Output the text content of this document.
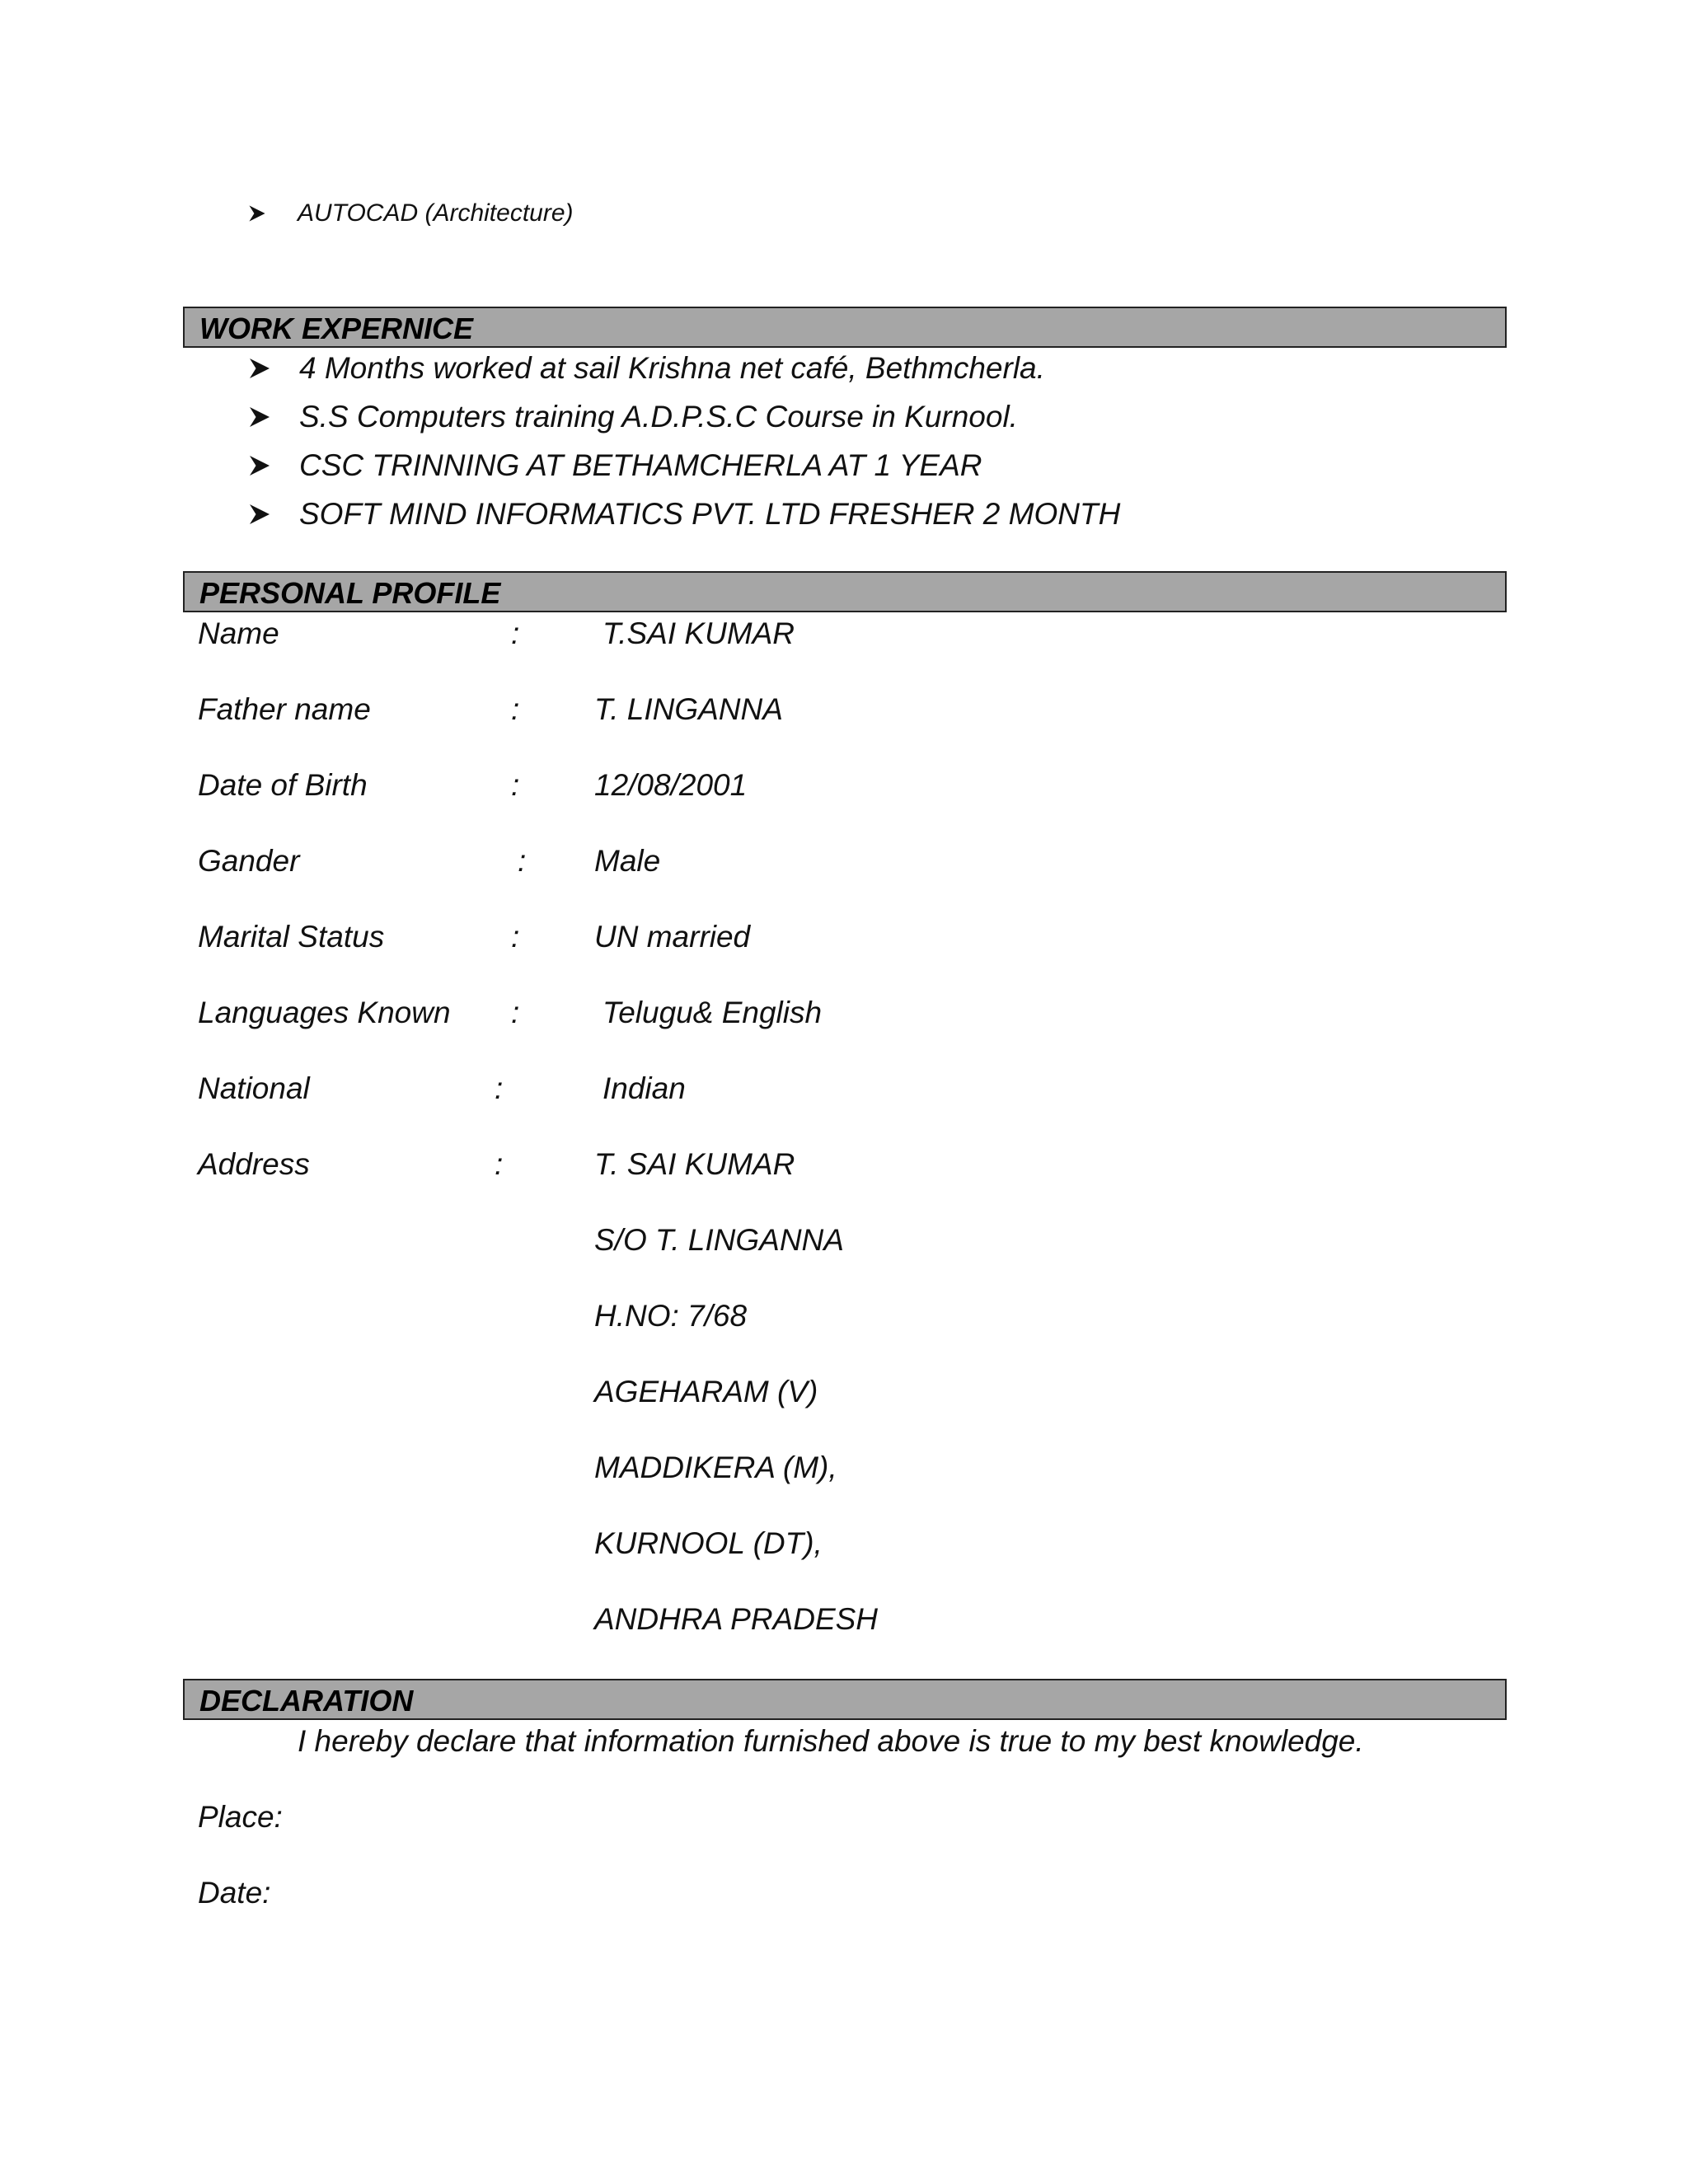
AUTOCAD (Architecture)
WORK EXPERNICE
4 Months worked at sail Krishna net café, Bethmcherla.
S.S Computers training A.D.P.S.C Course in Kurnool.
CSC TRINNING AT BETHAMCHERLA AT 1 YEAR
SOFT MIND INFORMATICS PVT. LTD FRESHER 2 MONTH
PERSONAL PROFILE
Name	:	T.SAI KUMAR
Father name	: T. LINGANNA
Date of Birth	: 12/08/2001
Gander	: Male
Marital Status	: UN married
Languages Known :	Telugu& English
National	:	Indian
Address	:	T. SAI KUMAR
S/O T. LINGANNA
H.NO: 7/68
AGEHARAM (V)
MADDIKERA (M),
KURNOOL (DT),
ANDHRA PRADESH
DECLARATION
I hereby declare that information furnished above is true to my best knowledge.
Place:
Date:
